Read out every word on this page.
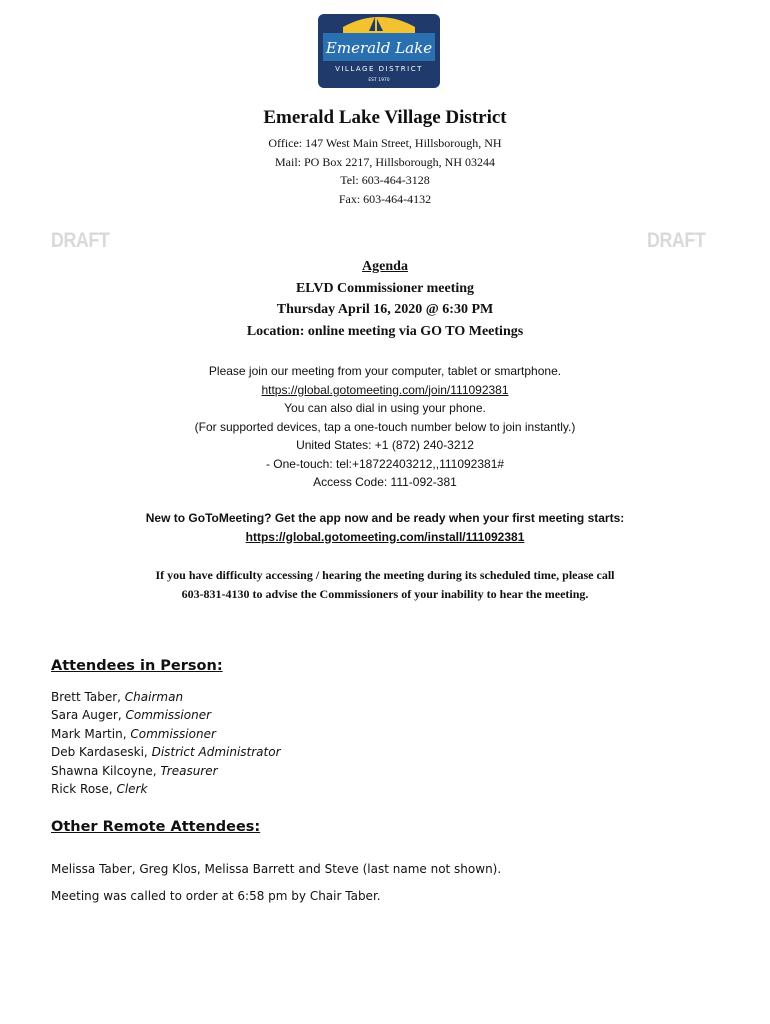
Emerald Lake
VILLAGE DISTRICT
EST 1970
Emerald Lake Village District
Office: 147 West Main Street, Hillsborough, NH
Mail: PO Box 2217, Hillsborough, NH 03244
Tel: 603-464-3128
Fax: 603-464-4132
DRAFT	DRAFT
Agenda
ELVD Commissioner meeting
Thursday April 16, 2020 @ 6:30 PM
Location: online meeting via GO TO Meetings
Please join our meeting from your computer, tablet or smartphone.
https://global.gotomeeting.com/join/111092381
You can also dial in using your phone.
(For supported devices, tap a one-touch number below to join instantly.)
United States: +1 (872) 240-3212
- One-touch: tel:+18722403212,,111092381#
Access Code: 111-092-381
New to GoToMeeting? Get the app now and be ready when your first meeting starts:
https://global.gotomeeting.com/install/111092381
If you have difficulty accessing / hearing the meeting during its scheduled time, please call
603-831-4130 to advise the Commissioners of your inability to hear the meeting.
Attendees in Person:
Brett Taber, Chairman
Sara Auger, Commissioner
Mark Martin, Commissioner
Deb Kardaseski, District Administrator
Shawna Kilcoyne, Treasurer
Rick Rose, Clerk
Other Remote Attendees:
Melissa Taber, Greg Klos, Melissa Barrett and Steve (last name not shown).
Meeting was called to order at 6:58 pm by Chair Taber.
